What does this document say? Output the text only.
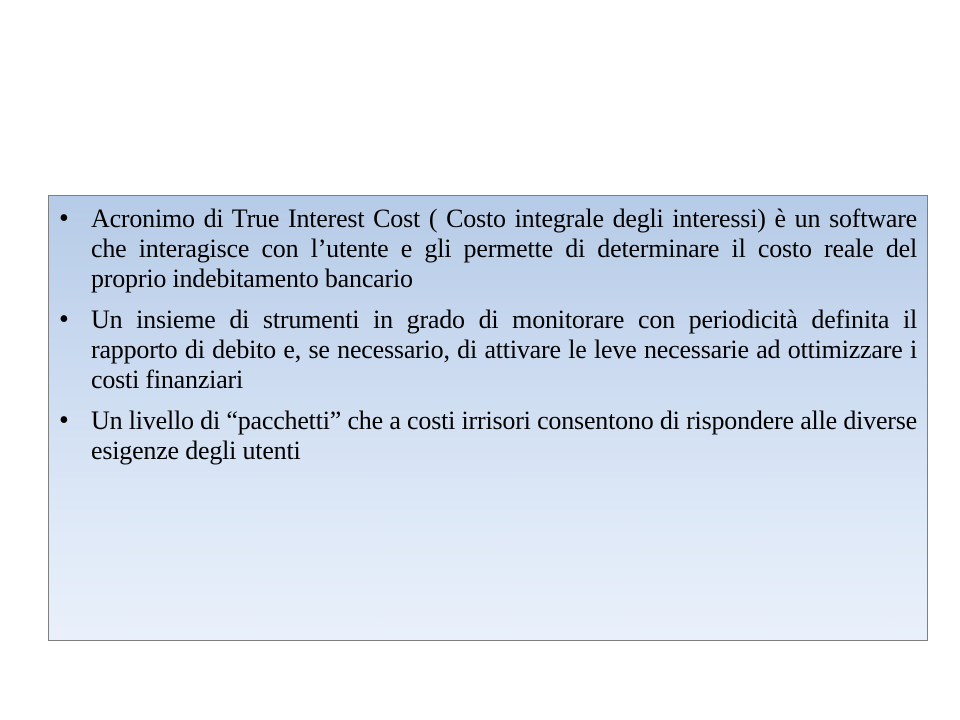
• Acronimo di True Interest Cost ( Costo integrale degli interessi) è un software che interagisce con l’utente e gli permette di determinare il costo reale del proprio indebitamento bancario
• Un insieme di strumenti in grado di monitorare con periodicità definita il rapporto di debito e, se necessario, di attivare le leve necessarie ad ottimizzare i costi finanziari
• Un livello di “pacchetti” che a costi irrisori consentono di rispondere alle diverse esigenze degli utenti
